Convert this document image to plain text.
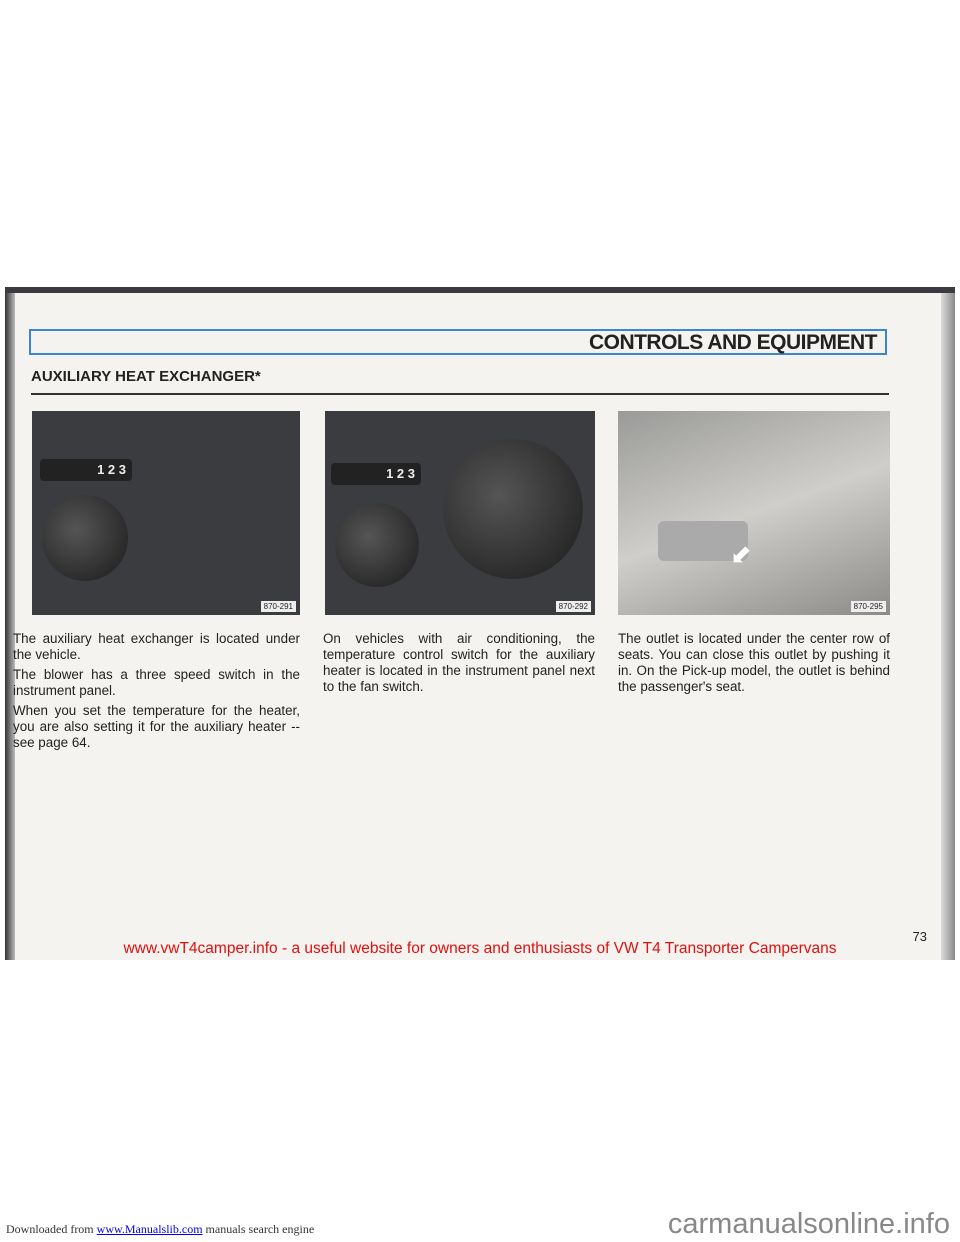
CONTROLS AND EQUIPMENT
AUXILIARY HEAT EXCHANGER*
1 2 3
870-291
1 2 3
870-292
⬋
870-295

The auxiliary heat exchanger is located under the vehicle.

The blower has a three speed switch in the instrument panel.

When you set the temperature for the heater, you are also setting it for the auxiliary heater -- see page 64.

On vehicles with air conditioning, the temperature control switch for the auxiliary heater is located in the instrument panel next to the fan switch.

The outlet is located under the center row of seats. You can close this outlet by pushing it in. On the Pick-up model, the outlet is behind the passenger's seat.

73
www.vwT4camper.info - a useful website for owners and enthusiasts of VW T4 Transporter Campervans
Downloaded from www.Manualslib.com manuals search engine	carmanualsonline.info
